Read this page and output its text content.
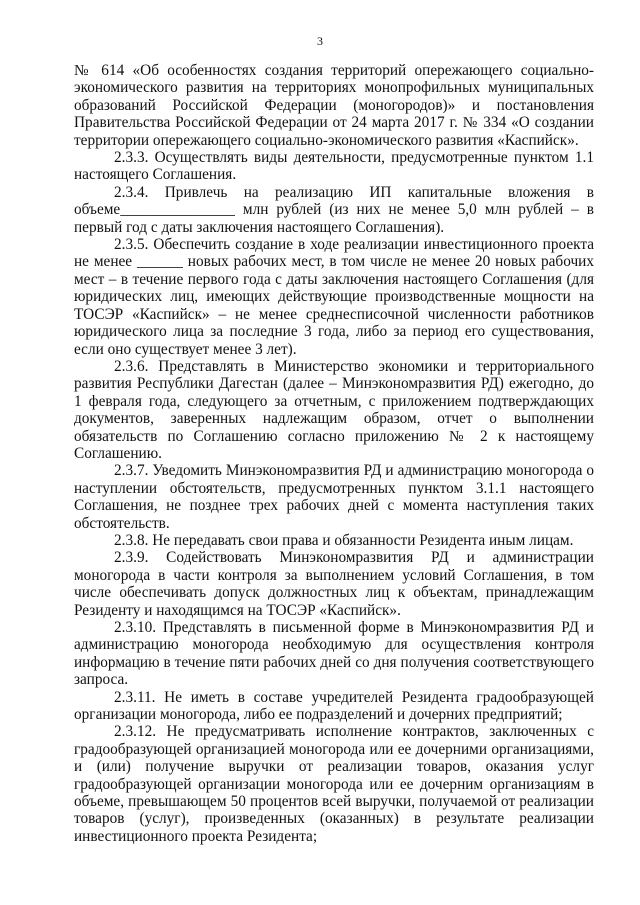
3

№ 614 «Об особенностях создания территорий опережающего социально-экономического развития на территориях монопрофильных муниципальных образований Российской Федерации (моногородов)» и постановления Правительства Российской Федерации от 24 марта 2017 г. № 334 «О создании территории опережающего социально-экономического развития «Каспийск».

2.3.3. Осуществлять виды деятельности, предусмотренные пунктом 1.1 настоящего Соглашения.

2.3.4. Привлечь на реализацию ИП капитальные вложения в объеме_______________ млн рублей (из них не менее 5,0 млн рублей – в первый год с даты заключения настоящего Соглашения).

2.3.5. Обеспечить создание в ходе реализации инвестиционного проекта не менее ______ новых рабочих мест, в том числе не менее 20 новых рабочих мест – в течение первого года с даты заключения настоящего Соглашения (для юридических лиц, имеющих действующие производственные мощности на ТОСЭР «Каспийск» – не менее среднесписочной численности работников юридического лица за последние 3 года, либо за период его существования, если оно существует менее 3 лет).

2.3.6. Представлять в Министерство экономики и территориального развития Республики Дагестан (далее – Минэкономразвития РД) ежегодно, до 1 февраля года, следующего за отчетным, с приложением подтверждающих документов, заверенных надлежащим образом, отчет о выполнении обязательств по Соглашению согласно приложению № 2 к настоящему Соглашению.

2.3.7. Уведомить Минэкономразвития РД и администрацию моногорода о наступлении обстоятельств, предусмотренных пунктом 3.1.1 настоящего Соглашения, не позднее трех рабочих дней с момента наступления таких обстоятельств.

2.3.8. Не передавать свои права и обязанности Резидента иным лицам.

2.3.9. Содействовать Минэкономразвития РД и администрации моногорода в части контроля за выполнением условий Соглашения, в том числе обеспечивать допуск должностных лиц к объектам, принадлежащим Резиденту и находящимся на ТОСЭР «Каспийск».

2.3.10. Представлять в письменной форме в Минэкономразвития РД и администрацию моногорода необходимую для осуществления контроля информацию в течение пяти рабочих дней со дня получения соответствующего запроса.

2.3.11. Не иметь в составе учредителей Резидента градообразующей организации моногорода, либо ее подразделений и дочерних предприятий;

2.3.12. Не предусматривать исполнение контрактов, заключенных с градообразующей организацией моногорода или ее дочерними организациями, и (или) получение выручки от реализации товаров, оказания услуг градообразующей организации моногорода или ее дочерним организациям в объеме, превышающем 50 процентов всей выручки, получаемой от реализации товаров (услуг), произведенных (оказанных) в результате реализации инвестиционного проекта Резидента;
